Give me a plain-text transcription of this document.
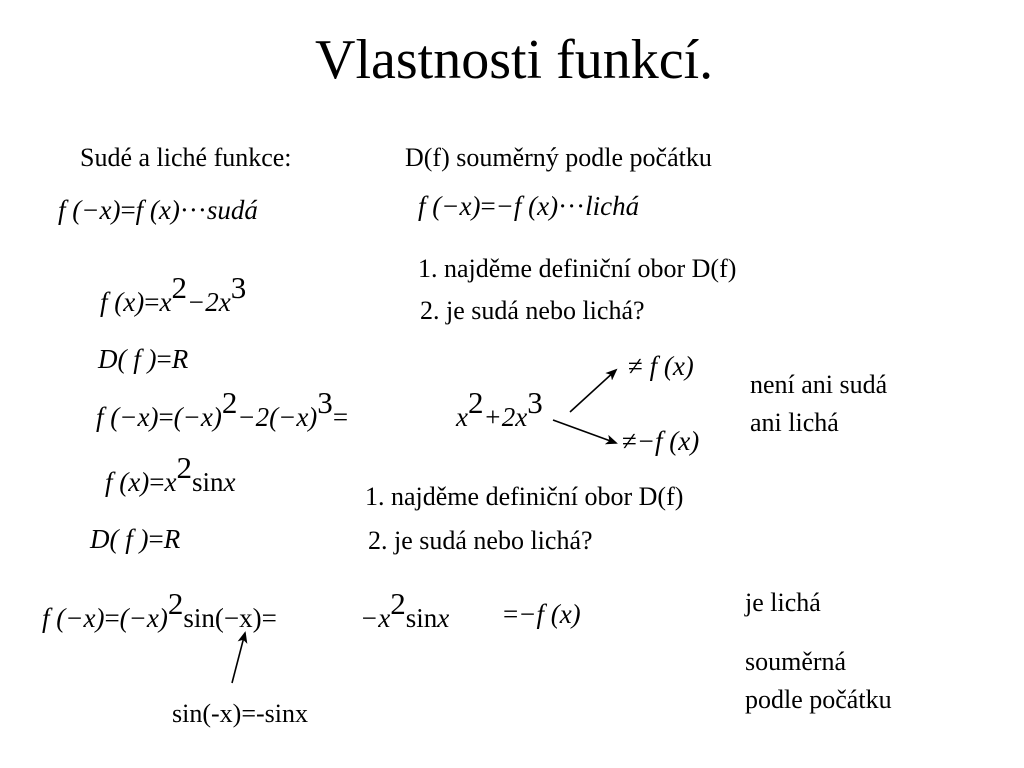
Vlastnosti funkcí.
Sudé a liché funkce:	D(f) souměrný podle počátku
f (−x)=f (x)···sudá	f (−x)=−f (x)···lichá
1. najděme definiční obor D(f)
2. je sudá nebo lichá?
f (x)=x2−2x3
D( f )=R
f (−x)=(−x)2−2(−x)3=	x2+2x3
≠ f (x)
≠−f (x)
není ani sudá
ani lichá
f (x)=x2sinx	1. najděme definiční obor D(f)
2. je sudá nebo lichá?
D( f )=R
f (−x)=(−x)2sin(−x)=	−x2sinx =−f (x)	je lichá
souměrná
podle počátku
sin(-x)=-sinx
